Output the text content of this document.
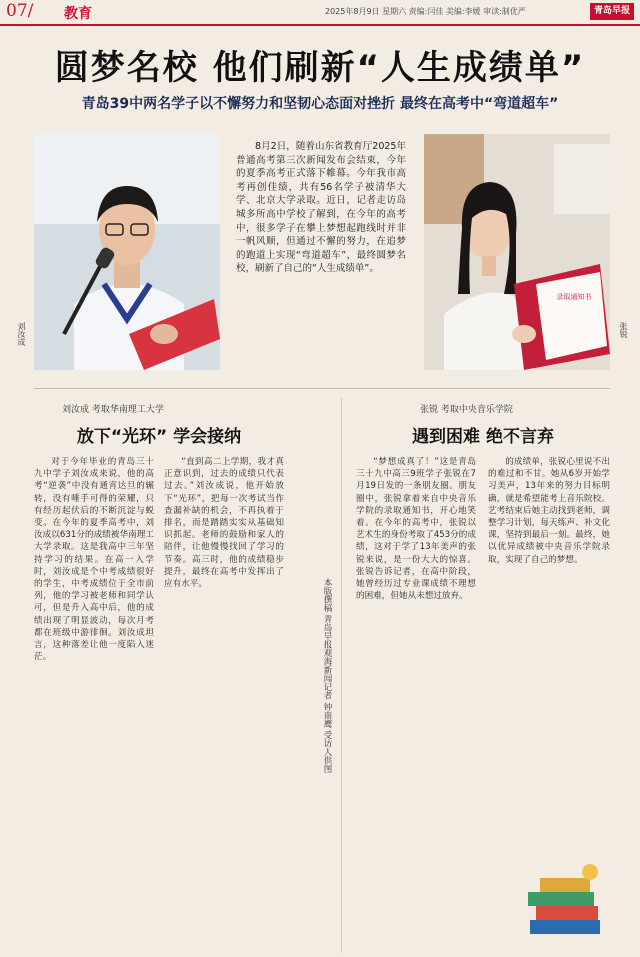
07/ 教育	2025年8月9日 星期六 责编:闫佳 美编:李媛 审读:制优严	青岛早报
圆梦名校 他们刷新“人生成绩单”
青岛39中两名学子以不懈努力和坚韧心态面对挫折 最终在高考中“弯道超车”
刘汝成
8月2日，随着山东省教育厅2025年普通高考第三次新闻发布会结束，今年的夏季高考正式落下帷幕。今年我市高考再创佳绩，共有56名学子被清华大学、北京大学录取。近日，记者走访岛城多所高中学校了解到，在今年的高考中，很多学子在攀上梦想起跑线时并非一帆风顺，但通过不懈的努力，在追梦的跑道上实现“弯道超车”，最终圆梦名校，刷新了自己的“人生成绩单”。
录取通知书
张锐
刘汝成 考取华南理工大学
放下“光环” 学会接纳

对于今年毕业的青岛三十九中学子刘汝成来说，他的高考“逆袭”中没有通宵达旦的辗转，没有唾手可得的荣耀，只有经历起伏后的不断沉淀与蜕变。在今年的夏季高考中，刘汝成以631分的成绩被华南理工大学录取。这是我高中三年坚持学习的结果。在高一入学时，刘汝成是个中考成绩很好的学生，中考成绩位于全市前列，他的学习被老师和同学认可，但是升入高中后，他的成绩出现了明显波动，每次月考都在班级中游徘徊。刘汝成坦言，这种落差让他一度陷入迷茫。

“直到高二上学期，我才真正意识到，过去的成绩只代表过去。”刘汝成说，他开始放下“光环”，把每一次考试当作查漏补缺的机会，不再执着于排名，而是踏踏实实从基础知识抓起。老师的鼓励和家人的陪伴，让他慢慢找回了学习的节奏。高三时，他的成绩稳步提升，最终在高考中发挥出了应有水平。	本版撰稿 青岛早报观海新闻记者 钟南鹰 受访人供图
张锐 考取中央音乐学院
遇到困难 绝不言弃

“梦想成真了！”这是青岛三十九中高三9班学子张锐在7月19日发的一条朋友圈。朋友圈中，张锐拿着来自中央音乐学院的录取通知书，开心地笑着。在今年的高考中，张锐以艺术生的身份考取了453分的成绩，这对于学了13年美声的张锐来说，是一份大大的惊喜。张锐告诉记者，在高中阶段，她曾经历过专业课成绩不理想的困难，但她从未想过放弃。

的成绩单，张锐心里说不出的难过和不甘。她从6岁开始学习美声，13年来的努力目标明确，就是希望能考上音乐院校。艺考结束后她主动找到老师，调整学习计划，每天练声、补文化课，坚持到最后一刻。最终，她以优异成绩被中央音乐学院录取，实现了自己的梦想。
